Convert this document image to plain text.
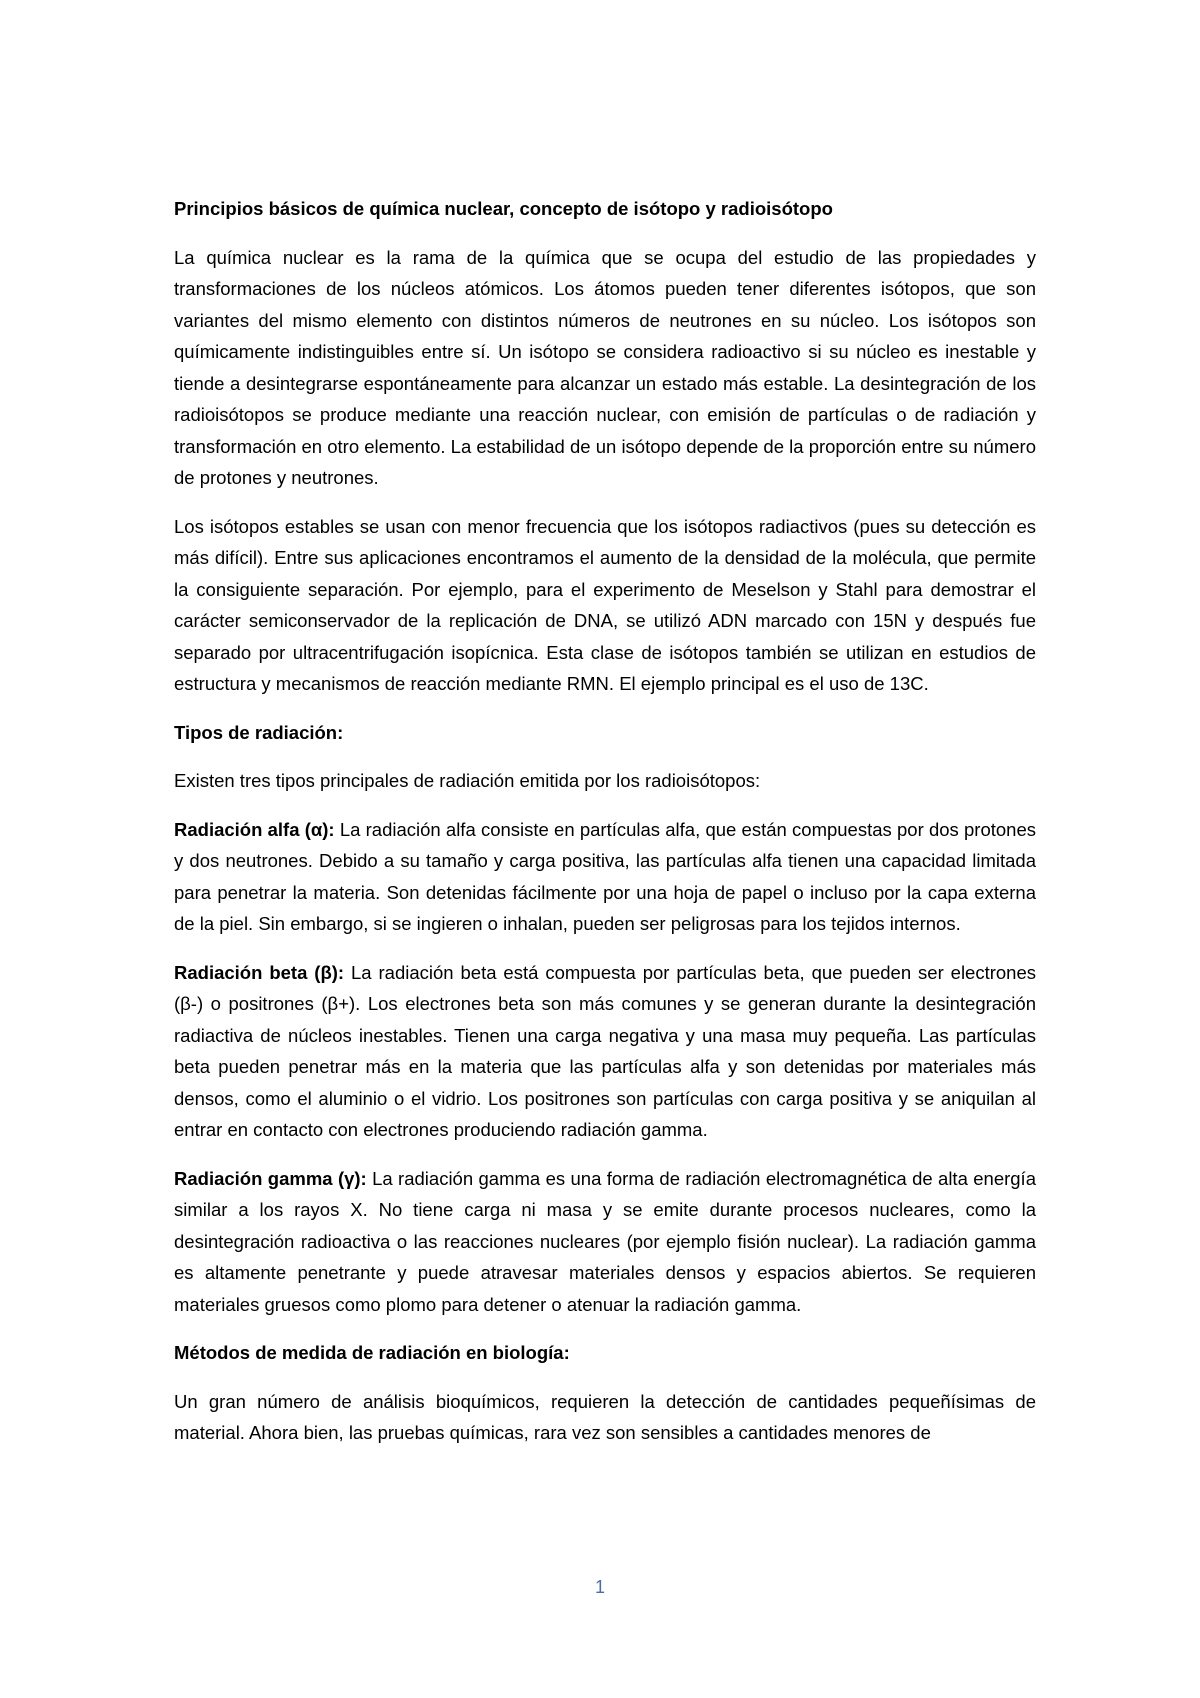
Principios básicos de química nuclear, concepto de isótopo y radioisótopo

La química nuclear es la rama de la química que se ocupa del estudio de las propiedades y transformaciones de los núcleos atómicos. Los átomos pueden tener diferentes isótopos, que son variantes del mismo elemento con distintos números de neutrones en su núcleo. Los isótopos son químicamente indistinguibles entre sí. Un isótopo se considera radioactivo si su núcleo es inestable y tiende a desintegrarse espontáneamente para alcanzar un estado más estable. La desintegración de los radioisótopos se produce mediante una reacción nuclear, con emisión de partículas o de radiación y transformación en otro elemento. La estabilidad de un isótopo depende de la proporción entre su número de protones y neutrones.

Los isótopos estables se usan con menor frecuencia que los isótopos radiactivos (pues su detección es más difícil). Entre sus aplicaciones encontramos el aumento de la densidad de la molécula, que permite la consiguiente separación. Por ejemplo, para el experimento de Meselson y Stahl para demostrar el carácter semiconservador de la replicación de DNA, se utilizó ADN marcado con 15N y después fue separado por ultracentrifugación isopícnica. Esta clase de isótopos también se utilizan en estudios de estructura y mecanismos de reacción mediante RMN. El ejemplo principal es el uso de 13C.

Tipos de radiación:

Existen tres tipos principales de radiación emitida por los radioisótopos:

Radiación alfa (α): La radiación alfa consiste en partículas alfa, que están compuestas por dos protones y dos neutrones. Debido a su tamaño y carga positiva, las partículas alfa tienen una capacidad limitada para penetrar la materia. Son detenidas fácilmente por una hoja de papel o incluso por la capa externa de la piel. Sin embargo, si se ingieren o inhalan, pueden ser peligrosas para los tejidos internos.

Radiación beta (β): La radiación beta está compuesta por partículas beta, que pueden ser electrones (β-) o positrones (β+). Los electrones beta son más comunes y se generan durante la desintegración radiactiva de núcleos inestables. Tienen una carga negativa y una masa muy pequeña. Las partículas beta pueden penetrar más en la materia que las partículas alfa y son detenidas por materiales más densos, como el aluminio o el vidrio. Los positrones son partículas con carga positiva y se aniquilan al entrar en contacto con electrones produciendo radiación gamma.

Radiación gamma (γ): La radiación gamma es una forma de radiación electromagnética de alta energía similar a los rayos X. No tiene carga ni masa y se emite durante procesos nucleares, como la desintegración radioactiva o las reacciones nucleares (por ejemplo fisión nuclear). La radiación gamma es altamente penetrante y puede atravesar materiales densos y espacios abiertos. Se requieren materiales gruesos como plomo para detener o atenuar la radiación gamma.

Métodos de medida de radiación en biología:

Un gran número de análisis bioquímicos, requieren la detección de cantidades pequeñísimas de material. Ahora bien, las pruebas químicas, rara vez son sensibles a cantidades menores de

1
